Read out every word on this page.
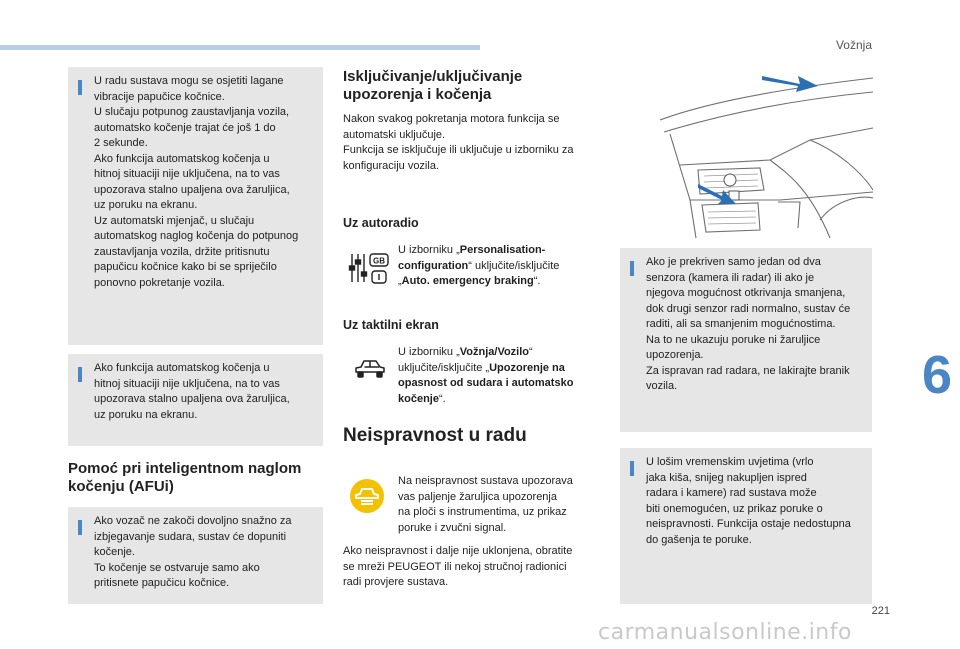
Vožnja
6

U radu sustava mogu se osjetiti lagane
vibracije papučice kočnice.
U slučaju potpunog zaustavljanja vozila,
automatsko kočenje trajat će još 1 do
2 sekunde.
Ako funkcija automatskog kočenja u
hitnoj situaciji nije uključena, na to vas
upozorava stalno upaljena ova žaruljica,
uz poruku na ekranu.
Uz automatski mjenjač, u slučaju
automatskog naglog kočenja do potpunog
zaustavljanja vozila, držite pritisnutu
papučicu kočnice kako bi se spriječilo
ponovno pokretanje vozila.

Ako funkcija automatskog kočenja u
hitnoj situaciji nije uključena, na to vas
upozorava stalno upaljena ova žaruljica,
uz poruku na ekranu.

Pomoć pri inteligentnom naglom
kočenju (AFUi)

Ako vozač ne zakoči dovoljno snažno za
izbjegavanje sudara, sustav će dopuniti
kočenje.
To kočenje se ostvaruje samo ako
pritisnete papučicu kočnice.

Isključivanje/uključivanje
upozorenja i kočenja
Nakon svakog pokretanja motora funkcija se
automatski uključuje.
Funkcija se isključuje ili uključuje u izborniku za
konfiguraciju vozila.
Uz autoradio
GB
U izborniku „Personalisation-
configuration“ uključite/isključite
„Auto. emergency braking“.
Uz taktilni ekran
U izborniku „Vožnja/Vozilo“
uključite/isključite „Upozorenje na
opasnost od sudara i automatsko
kočenje“.
Neispravnost u radu
Na neispravnost sustava upozorava
vas paljenje žaruljica upozorenja
na ploči s instrumentima, uz prikaz
poruke i zvučni signal.
Ako neispravnost i dalje nije uklonjena, obratite
se mreži PEUGEOT ili nekoj stručnoj radionici
radi provjere sustava.

Ako je prekriven samo jedan od dva
senzora (kamera ili radar) ili ako je
njegova mogućnost otkrivanja smanjena,
dok drugi senzor radi normalno, sustav će
raditi, ali sa smanjenim mogućnostima.
Na to ne ukazuju poruke ni žaruljice
upozorenja.
Za ispravan rad radara, ne lakirajte branik
vozila.

U lošim vremenskim uvjetima (vrlo
jaka kiša, snijeg nakupljen ispred
radara i kamere) rad sustava može
biti onemogućen, uz prikaz poruke o
neispravnosti. Funkcija ostaje nedostupna
do gašenja te poruke.

221
carmanualsonline.info
